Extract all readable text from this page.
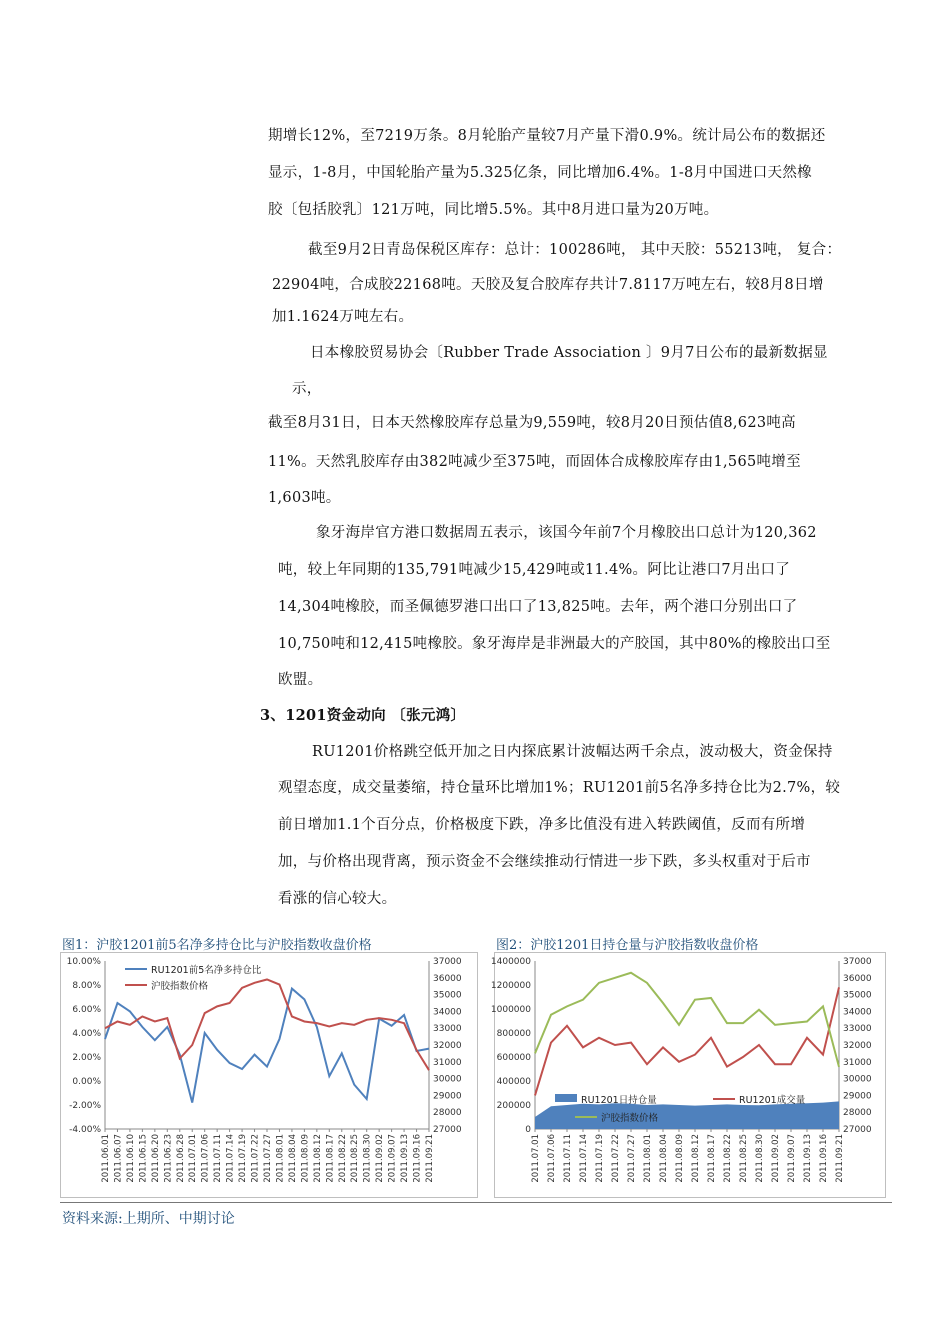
期增长12%，至7219万条。8月轮胎产量较7月产量下滑0.9%。统计局公布的数据还

显示，1-8月，中国轮胎产量为5.325亿条，同比增加6.4%。1-8月中国进口天然橡

胶〔包括胶乳〕121万吨，同比增5.5%。其中8月进口量为20万吨。

截至9月2日青岛保税区库存：总计：100286吨， 其中天胶：55213吨， 复合：
22904吨，合成胶22168吨。天胶及复合胶库存共计7.8117万吨左右，较8月8日增
加1.1624万吨左右。
日本橡胶贸易协会〔Rubber Trade Association 〕9月7日公布的最新数据显
示，
截至8月31日，日本天然橡胶库存总量为9,559吨，较8月20日预估值8,623吨高
11%。天然乳胶库存由382吨减少至375吨，而固体合成橡胶库存由1,565吨增至
1,603吨。
象牙海岸官方港口数据周五表示，该国今年前7个月橡胶出口总计为120,362
吨，较上年同期的135,791吨减少15,429吨或11.4%。阿比让港口7月出口了
14,304吨橡胶，而圣佩德罗港口出口了13,825吨。去年，两个港口分别出口了
10,750吨和12,415吨橡胶。象牙海岸是非洲最大的产胶国，其中80%的橡胶出口至
欧盟。
3、1201资金动向 〔张元鸿〕
RU1201价格跳空低开加之日内探底累计波幅达两千余点，波动极大，资金保持
观望态度，成交量萎缩，持仓量环比增加1%；RU1201前5名净多持仓比为2.7%，较
前日增加1.1个百分点，价格极度下跌，净多比值没有进入转跌阈值，反而有所增
加，与价格出现背离，预示资金不会继续推动行情进一步下跌，多头权重对于后市
看涨的信心较大。
图1：沪胶1201前5名净多持仓比与沪胶指数收盘价格	图2：沪胶1201日持仓量与沪胶指数收盘价格
10.00%
8.00%
6.00%
4.00%
2.00%
0.00%
-2.00%
-4.00%
37000
36000
35000
34000
33000
32000
31000
30000
29000
28000
27000
2011.06.01 2011.06.07 2011.06.10 2011.06.15 2011.06.20 2011.06.23 2011.06.28 2011.07.01 2011.07.06 2011.07.11 2011.07.14 2011.07.19 2011.07.22 2011.07.27 2011.08.01 2011.08.04 2011.08.09 2011.08.12 2011.08.17 2011.08.22 2011.08.25 2011.08.30 2011.09.02 2011.09.07 2011.09.13 2011.09.16 2011.09.21
RU1201前5名净多持仓比
沪胶指数价格
1400000
1200000
1000000
800000
600000
400000
200000
0
37000
36000
35000
34000
33000
32000
31000
30000
29000
28000
27000
2011.07.01 2011.07.06 2011.07.11 2011.07.14 2011.07.19 2011.07.22 2011.07.27 2011.08.01 2011.08.04 2011.08.09 2011.08.12 2011.08.17 2011.08.22 2011.08.25 2011.08.30 2011.09.02 2011.09.07 2011.09.13 2011.09.16 2011.09.21
RU1201日持仓量	RU1201成交量
沪胶指数价格
资料来源:上期所、中期讨论
